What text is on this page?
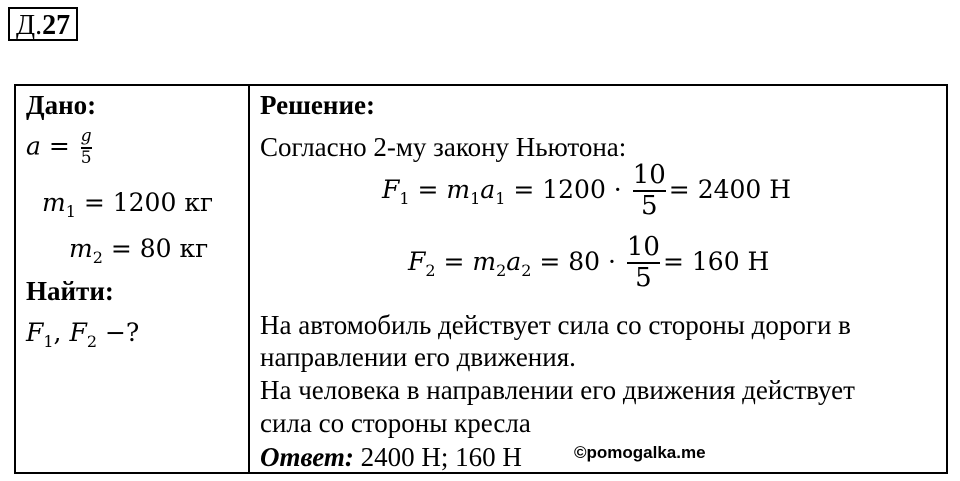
Д.27
Дано:
$a = \frac{g}{5}$
$m_1 = 1200$ кг
$m_2 = 80$ кг
Найти:
$F_1$, $F_2$ −?
Решение:
Согласно 2-му закону Ньютона:
$F_1 = m_1a_1 = 1200 \cdot \frac{10}{5} = 2400$ Н
$F_2 = m_2a_2 = 80 \cdot \frac{10}{5} = 160$ Н
На автомобиль действует сила со стороны дороги в
направлении его движения.
На человека в направлении его движения действует
сила со стороны кресла
Ответ: 2400 Н; 160 Н	©pomogalka.me
